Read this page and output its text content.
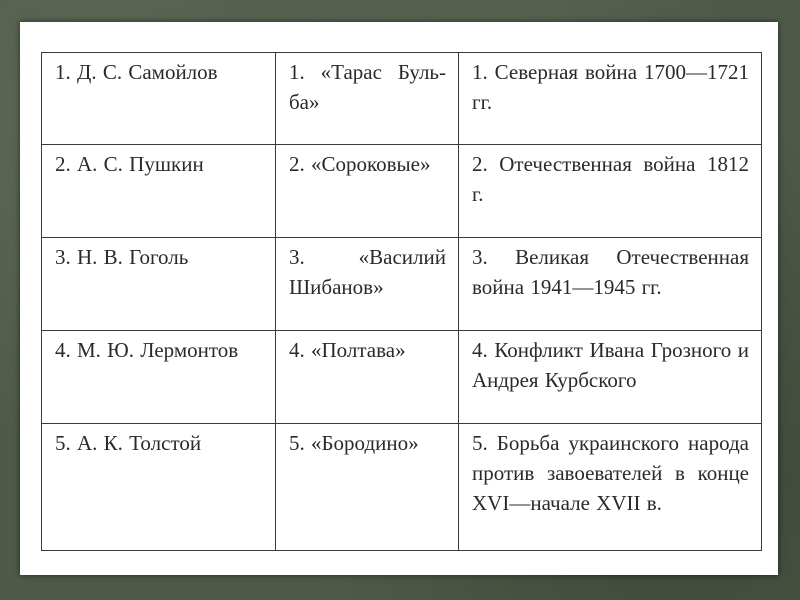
1. Д. С. Самойлов	1. «Тарас Буль-ба»	1. Северная война 1700—1721 гг.
2. А. С. Пушкин	2. «Сороковые»	2. Отечественная война 1812 г.
3. Н. В. Гоголь	3. «Василий Шибанов»	3. Великая Отечественная война 1941—1945 гг.
4. М. Ю. Лермонтов	4. «Полтава»	4. Конфликт Ивана Грозного и Андрея Курбского
5. А. К. Толстой	5. «Бородино»	5. Борьба украинского народа против завоевателей в конце XVI—начале XVII в.
